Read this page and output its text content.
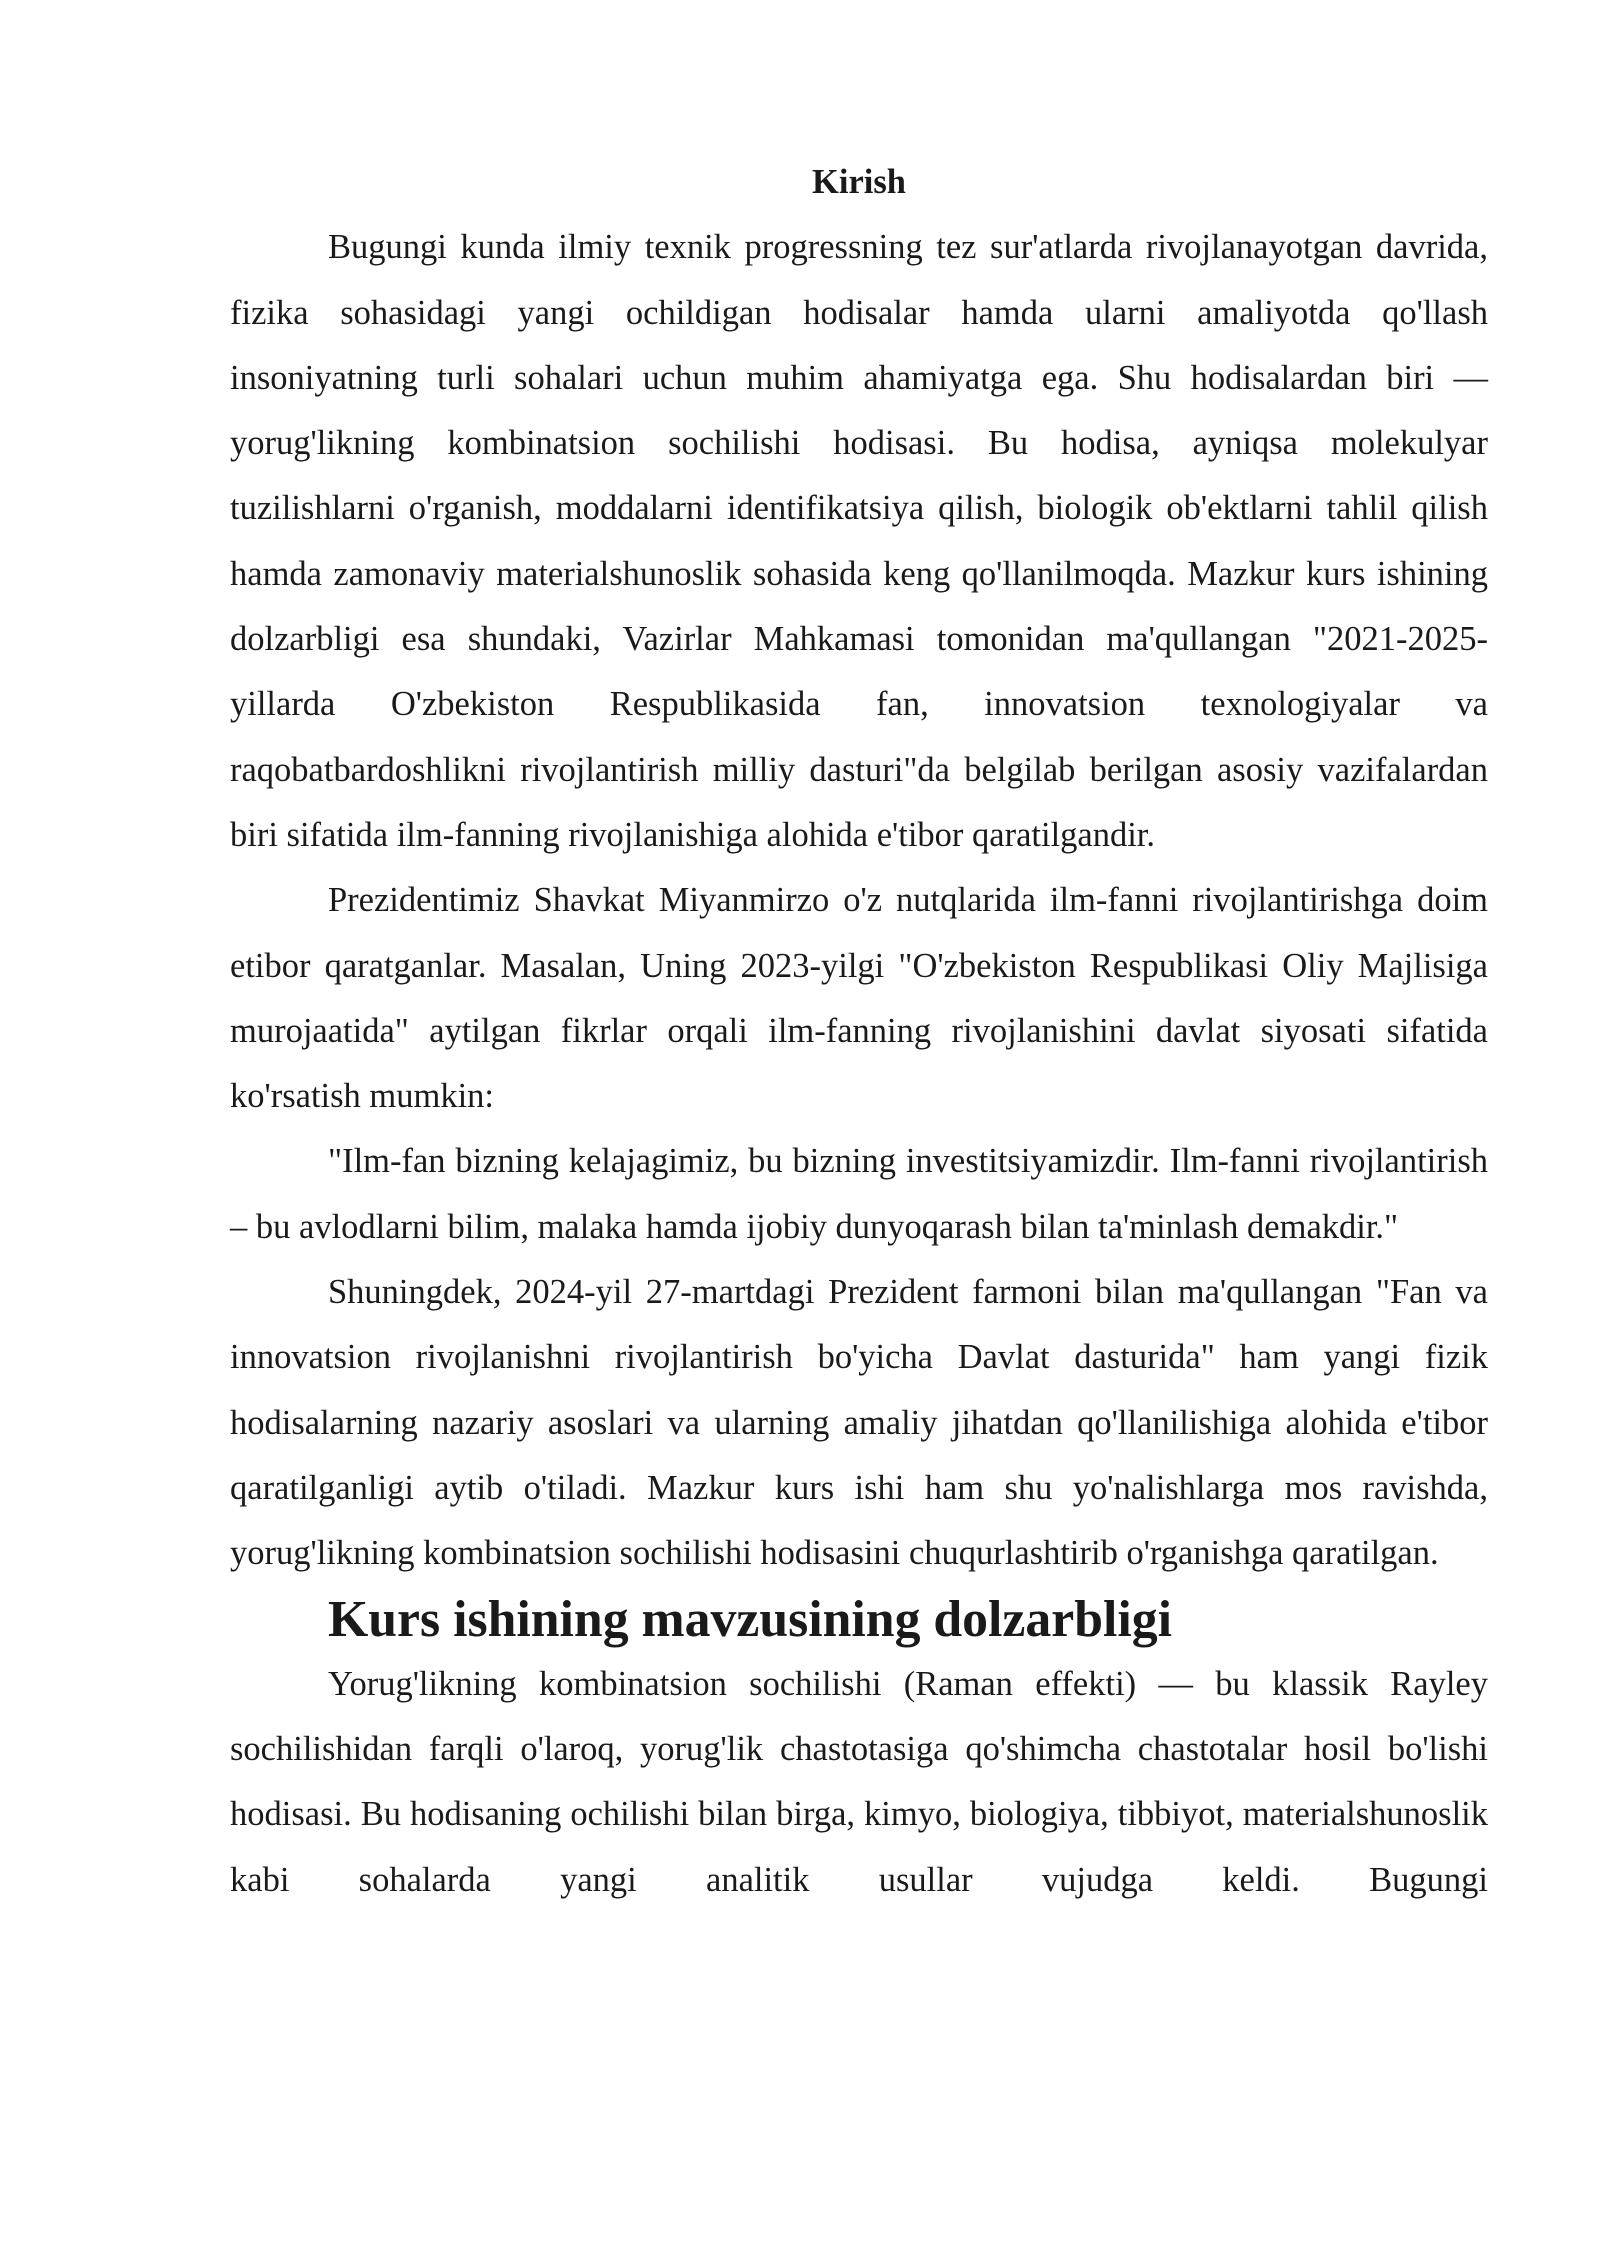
Kirish

Bugungi kunda ilmiy texnik progressning tez sur'atlarda rivojlanayotgan davrida, fizika sohasidagi yangi ochildigan hodisalar hamda ularni amaliyotda qo'llash insoniyatning turli sohalari uchun muhim ahamiyatga ega. Shu hodisalardan biri — yorug'likning kombinatsion sochilishi hodisasi. Bu hodisa, ayniqsa molekulyar tuzilishlarni o'rganish, moddalarni identifikatsiya qilish, biologik ob'ektlarni tahlil qilish hamda zamonaviy materialshunoslik sohasida keng qo'llanilmoqda. Mazkur kurs ishining dolzarbligi esa shundaki, Vazirlar Mahkamasi tomonidan ma'qullangan "2021-2025-yillarda O'zbekiston Respublikasida fan, innovatsion texnologiyalar va raqobatbardoshlikni rivojlantirish milliy dasturi"da belgilab berilgan asosiy vazifalardan biri sifatida ilm-fanning rivojlanishiga alohida e'tibor qaratilgandir.

Prezidentimiz Shavkat Miyanmirzo o'z nutqlarida ilm-fanni rivojlantirishga doim etibor qaratganlar. Masalan, Uning 2023-yilgi "O'zbekiston Respublikasi Oliy Majlisiga murojaatida" aytilgan fikrlar orqali ilm-fanning rivojlanishini davlat siyosati sifatida ko'rsatish mumkin:

"Ilm-fan bizning kelajagimiz, bu bizning investitsiyamizdir. Ilm-fanni rivojlantirish – bu avlodlarni bilim, malaka hamda ijobiy dunyoqarash bilan ta'minlash demakdir."

Shuningdek, 2024-yil 27-martdagi Prezident farmoni bilan ma'qullangan "Fan va innovatsion rivojlanishni rivojlantirish bo'yicha Davlat dasturida" ham yangi fizik hodisalarning nazariy asoslari va ularning amaliy jihatdan qo'llanilishiga alohida e'tibor qaratilganligi aytib o'tiladi. Mazkur kurs ishi ham shu yo'nalishlarga mos ravishda, yorug'likning kombinatsion sochilishi hodisasini chuqurlashtirib o'rganishga qaratilgan.

Kurs ishining mavzusining dolzarbligi

Yorug'likning kombinatsion sochilishi (Raman effekti) — bu klassik Rayley sochilishidan farqli o'laroq, yorug'lik chastotasiga qo'shimcha chastotalar hosil bo'lishi hodisasi. Bu hodisaning ochilishi bilan birga, kimyo, biologiya, tibbiyot, materialshunoslik kabi sohalarda yangi analitik usullar vujudga keldi. Bugungi
